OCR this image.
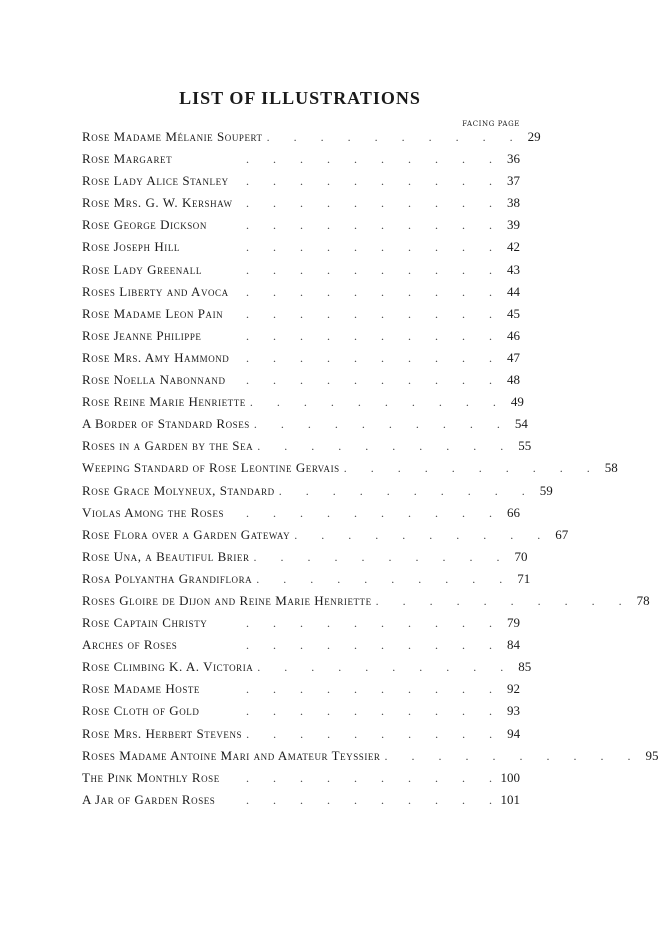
LIST OF ILLUSTRATIONS
FACING PAGE
Rose Madame Mélanie Soupert .	29
Rose Margaret .	36
Rose Lady Alice Stanley .	37
Rose Mrs. G. W. Kershaw .	38
Rose George Dickson .	39
Rose Joseph Hill .	42
Rose Lady Greenall .	43
Roses Liberty and Avoca .	44
Rose Madame Leon Pain .	45
Rose Jeanne Philippe .	46
Rose Mrs. Amy Hammond .	47
Rose Noella Nabonnand .	48
Rose Reine Marie Henriette .	49
A Border of Standard Roses .	54
Roses in a Garden by the Sea .	55
Weeping Standard of Rose Leontine Gervais .	58
Rose Grace Molyneux, Standard .	59
Violas Among the Roses .	66
Rose Flora over a Garden Gateway .	67
Rose Una, a Beautiful Brier .	70
Rosa Polyantha Grandiflora .	71
Roses Gloire de Dijon and Reine Marie Henriette .	78
Rose Captain Christy .	79
Arches of Roses .	84
Rose Climbing K. A. Victoria .	85
Rose Madame Hoste .	92
Rose Cloth of Gold .	93
Rose Mrs. Herbert Stevens .	94
Roses Madame Antoine Mari and Amateur Teyssier .	95
The Pink Monthly Rose .	100
A Jar of Garden Roses .	101
